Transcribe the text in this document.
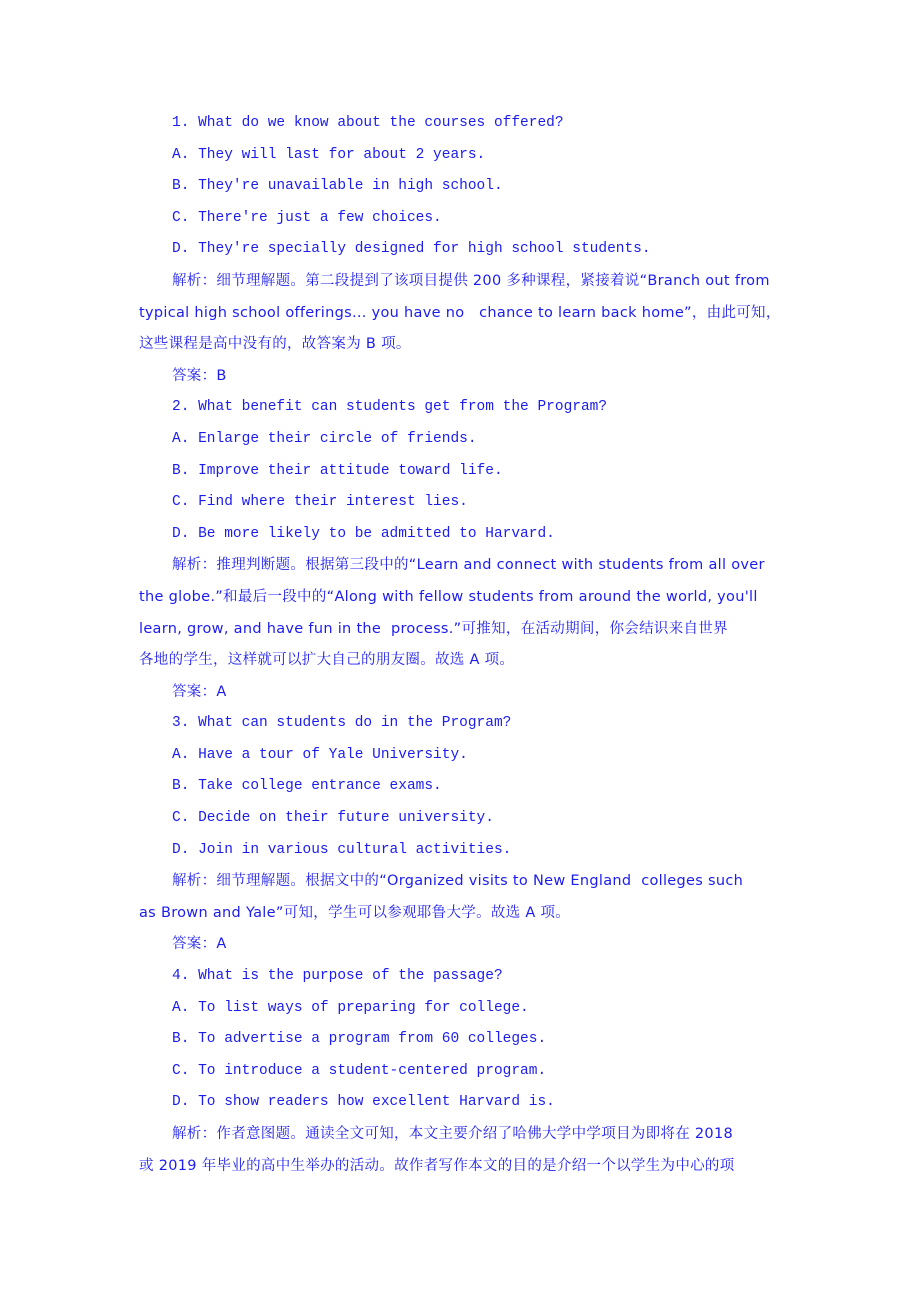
1. What do we know about the courses offered?
A. They will last for about 2 years.
B. They're unavailable in high school.
C. There're just a few choices.
D. They're specially designed for high school students.
解析：细节理解题。第二段提到了该项目提供 200 多种课程，紧接着说“Branch out from
typical high school offerings... you have no   chance to learn back home”，由此可知，
这些课程是高中没有的，故答案为 B 项。
答案：B
2. What benefit can students get from the Program?
A. Enlarge their circle of friends.
B. Improve their attitude toward life.
C. Find where their interest lies.
D. Be more likely to be admitted to Harvard.
解析：推理判断题。根据第三段中的“Learn and connect with students from all over
the globe.”和最后一段中的“Along with fellow students from around the world, you'll
learn, grow, and have fun in the  process.”可推知，在活动期间，你会结识来自世界
各地的学生，这样就可以扩大自己的朋友圈。故选 A 项。
答案：A
3. What can students do in the Program?
A. Have a tour of Yale University.
B. Take college entrance exams.
C. Decide on their future university.
D. Join in various cultural activities.
解析：细节理解题。根据文中的“Organized visits to New England  colleges such
as Brown and Yale”可知，学生可以参观耶鲁大学。故选 A 项。
答案：A
4. What is the purpose of the passage?
A. To list ways of preparing for college.
B. To advertise a program from 60 colleges.
C. To introduce a student-centered program.
D. To show readers how excellent Harvard is.
解析：作者意图题。通读全文可知，本文主要介绍了哈佛大学中学项目为即将在 2018
或 2019 年毕业的高中生举办的活动。故作者写作本文的目的是介绍一个以学生为中心的项
